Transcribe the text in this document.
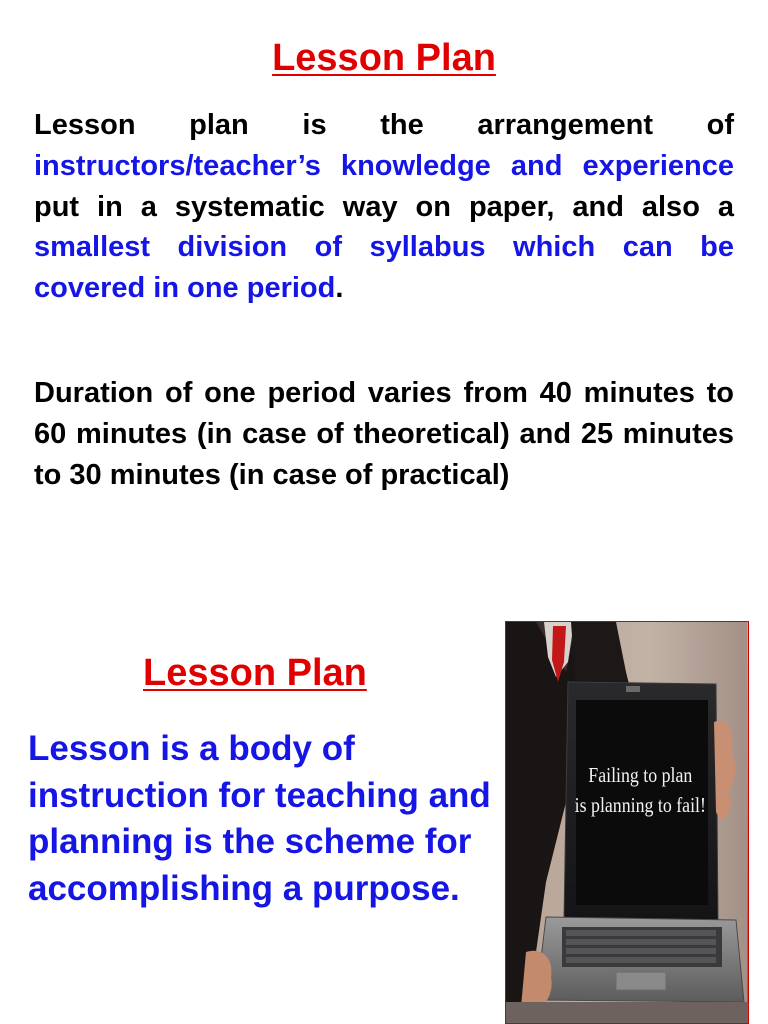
Lesson Plan

Lesson plan is the arrangement of instructors/teacher’s knowledge and experience put in a systematic way on paper, and also a smallest division of syllabus which can be covered in one period.

Duration of one period varies from 40 minutes to 60 minutes (in case of theoretical) and 25 minutes to 30 minutes (in case of practical)

Lesson Plan

Lesson is a body of instruction for teaching and planning is the scheme for accomplishing a purpose.

Failing to plan
is planning to fail!
